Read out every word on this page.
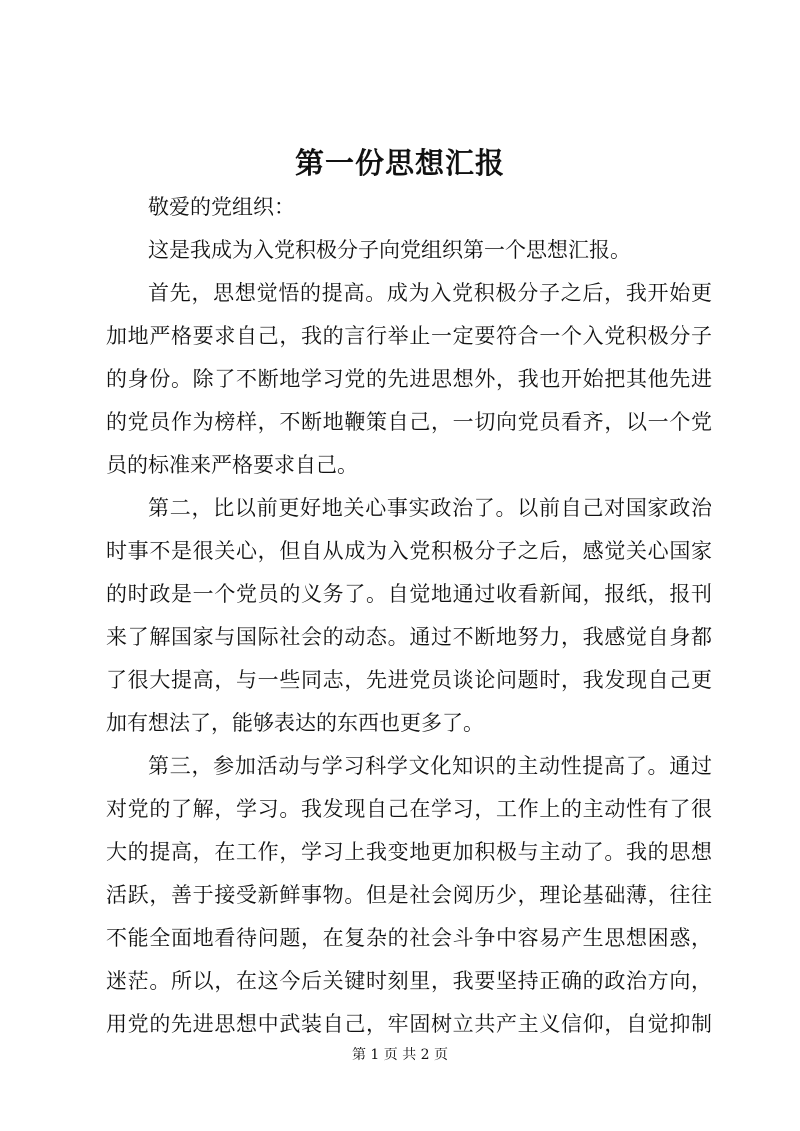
第一份思想汇报

敬爱的党组织：

这是我成为入党积极分子向党组织第一个思想汇报。

首先，思想觉悟的提高。成为入党积极分子之后，我开始更
加地严格要求自己，我的言行举止一定要符合一个入党积极分子
的身份。除了不断地学习党的先进思想外，我也开始把其他先进
的党员作为榜样，不断地鞭策自己，一切向党员看齐，以一个党
员的标准来严格要求自己。

第二，比以前更好地关心事实政治了。以前自己对国家政治
时事不是很关心，但自从成为入党积极分子之后，感觉关心国家
的时政是一个党员的义务了。自觉地通过收看新闻，报纸，报刊
来了解国家与国际社会的动态。通过不断地努力，我感觉自身都
了很大提高，与一些同志，先进党员谈论问题时，我发现自己更
加有想法了，能够表达的东西也更多了。

第三，参加活动与学习科学文化知识的主动性提高了。通过
对党的了解，学习。我发现自己在学习，工作上的主动性有了很
大的提高，在工作，学习上我变地更加积极与主动了。我的思想
活跃，善于接受新鲜事物。但是社会阅历少，理论基础薄，往往
不能全面地看待问题，在复杂的社会斗争中容易产生思想困惑，
迷茫。所以，在这今后关键时刻里，我要坚持正确的政治方向，
用党的先进思想中武装自己，牢固树立共产主义信仰，自觉抑制

第 1 页 共 2 页
